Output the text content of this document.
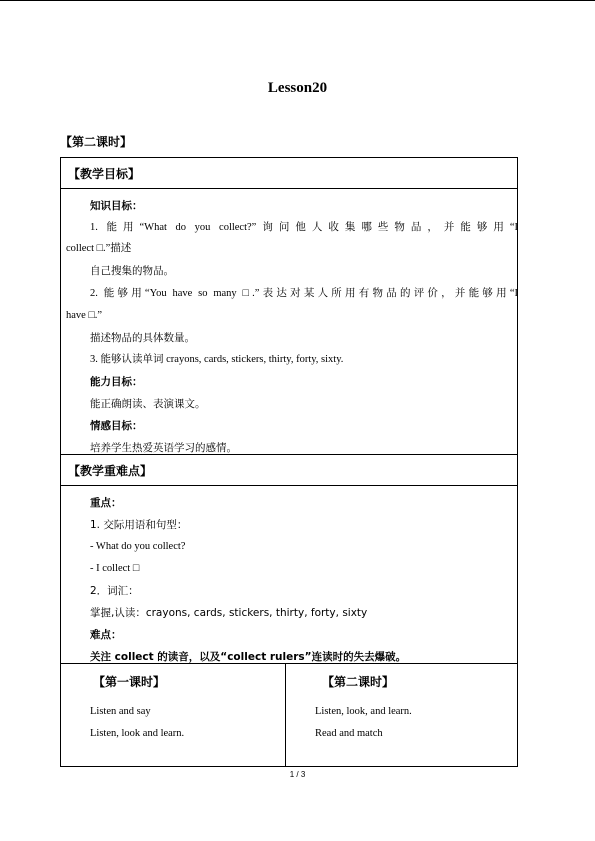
Lesson20
【第二课时】
【教学目标】
知识目标：
1. 能用“What do you collect?”询问他人收集哪些物品，并能够用“I
collect □.”描述
自己搜集的物品。
2. 能够用“You have so many □.”表达对某人所用有物品的评价，并能够用“I
have □.”
描述物品的具体数量。
3. 能够认读单词 crayons, cards, stickers, thirty, forty, sixty.
能力目标：
能正确朗读、表演课文。
情感目标：
培养学生热爱英语学习的感情。
【教学重难点】
重点：
1. 交际用语和句型：
- What do you collect?
- I collect □
2．词汇：
掌握,认读：crayons, cards, stickers, thirty, forty, sixty
难点：
关注 collect 的读音，以及“collect rulers”连读时的失去爆破。
【第一课时】
Listen and say
Listen, look and learn.
【第二课时】
Listen, look, and learn.
Read and match
1 / 3
